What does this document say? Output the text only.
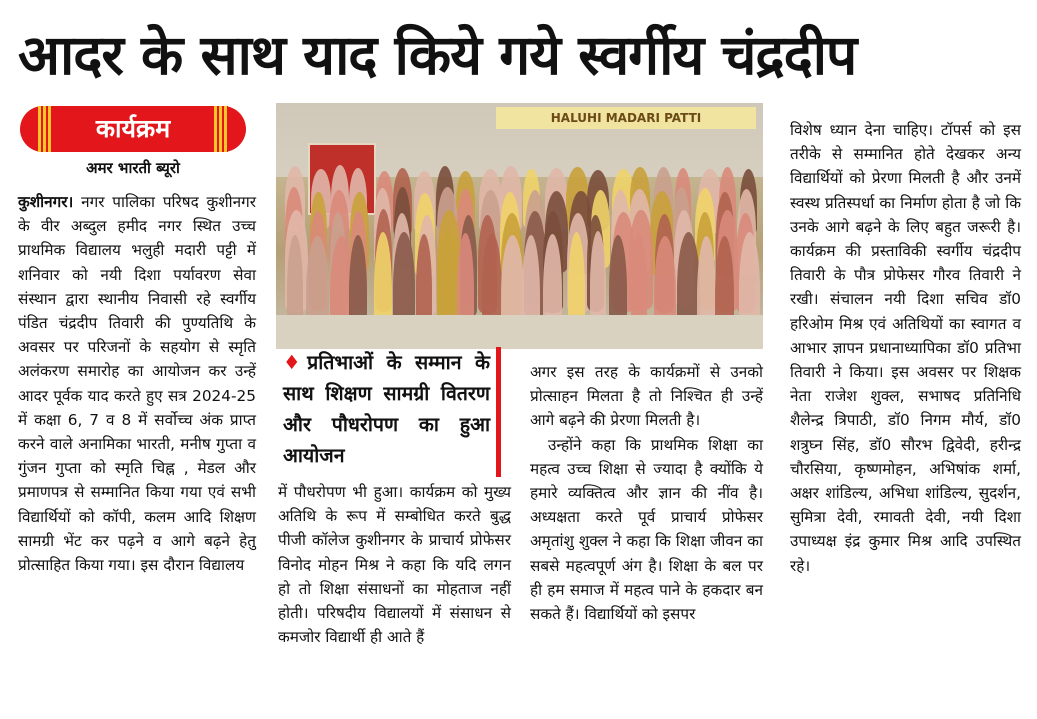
आदर के साथ याद किये गये स्वर्गीय चंद्रदीप
कार्यक्रम
अमर भारती ब्यूरो

कुशीनगर। नगर पालिका परिषद कुशीनगर के वीर अब्दुल हमीद नगर स्थित उच्च प्राथमिक विद्यालय भलुही मदारी पट्टी में शनिवार को नयी दिशा पर्यावरण सेवा संस्थान द्वारा स्थानीय निवासी रहे स्वर्गीय पंडित चंद्रदीप तिवारी की पुण्यतिथि के अवसर पर परिजनों के सहयोग से स्मृति अलंकरण समारोह का आयोजन कर उन्हें आदर पूर्वक याद करते हुए सत्र 2024-25 में कक्षा 6, 7 व 8 में सर्वोच्च अंक प्राप्त करने वाले अनामिका भारती, मनीष गुप्ता व गुंजन गुप्ता को स्मृति चिह्न , मेडल और प्रमाणपत्र से सम्मानित किया गया एवं सभी विद्यार्थियों को कॉपी, कलम आदि शिक्षण सामग्री भेंट कर पढ़ने व आगे बढ़ने हेतु प्रोत्साहित किया गया। इस दौरान विद्यालय

HALUHI MADARI PATTI
♦प्रतिभाओं के सम्मान के साथ शिक्षण सामग्री वितरण और पौधरोपण का हुआ आयोजन

में पौधरोपण भी हुआ। कार्यक्रम को मुख्य अतिथि के रूप में सम्बोधित करते बुद्ध पीजी कॉलेज कुशीनगर के प्राचार्य प्रोफेसर विनोद मोहन मिश्र ने कहा कि यदि लगन हो तो शिक्षा संसाधनों का मोहताज नहीं होती। परिषदीय विद्यालयों में संसाधन से कमजोर विद्यार्थी ही आते हैं

अगर इस तरह के कार्यक्रमों से उनको प्रोत्साहन मिलता है तो निश्चित ही उन्हें आगे बढ़ने की प्रेरणा मिलती है।

उन्होंने कहा कि प्राथमिक शिक्षा का महत्व उच्च शिक्षा से ज्यादा है क्योंकि ये हमारे व्यक्तित्व और ज्ञान की नींव है। अध्यक्षता करते पूर्व प्राचार्य प्रोफेसर अमृतांशु शुक्ल ने कहा कि शिक्षा जीवन का सबसे महत्वपूर्ण अंग है। शिक्षा के बल पर ही हम समाज में महत्व पाने के हकदार बन सकते हैं। विद्यार्थियों को इसपर

विशेष ध्यान देना चाहिए। टॉपर्स को इस तरीके से सम्मानित होते देखकर अन्य विद्यार्थियों को प्रेरणा मिलती है और उनमें स्वस्थ प्रतिस्पर्धा का निर्माण होता है जो कि उनके आगे बढ़ने के लिए बहुत जरूरी है। कार्यक्रम की प्रस्ताविकी स्वर्गीय चंद्रदीप तिवारी के पौत्र प्रोफेसर गौरव तिवारी ने रखी। संचालन नयी दिशा सचिव डॉ0 हरिओम मिश्र एवं अतिथियों का स्वागत व आभार ज्ञापन प्रधानाध्यापिका डॉ0 प्रतिभा तिवारी ने किया। इस अवसर पर शिक्षक नेता राजेश शुक्ल, सभाषद प्रतिनिधि शैलेन्द्र त्रिपाठी, डॉ0 निगम मौर्य, डॉ0 शत्रुघ्न सिंह, डॉ0 सौरभ द्विवेदी, हरीन्द्र चौरसिया, कृष्णमोहन, अभिषांक शर्मा, अक्षर शांडिल्य, अभिधा शांडिल्य, सुदर्शन, सुमित्रा देवी, रमावती देवी, नयी दिशा उपाध्यक्ष इंद्र कुमार मिश्र आदि उपस्थित रहे।
